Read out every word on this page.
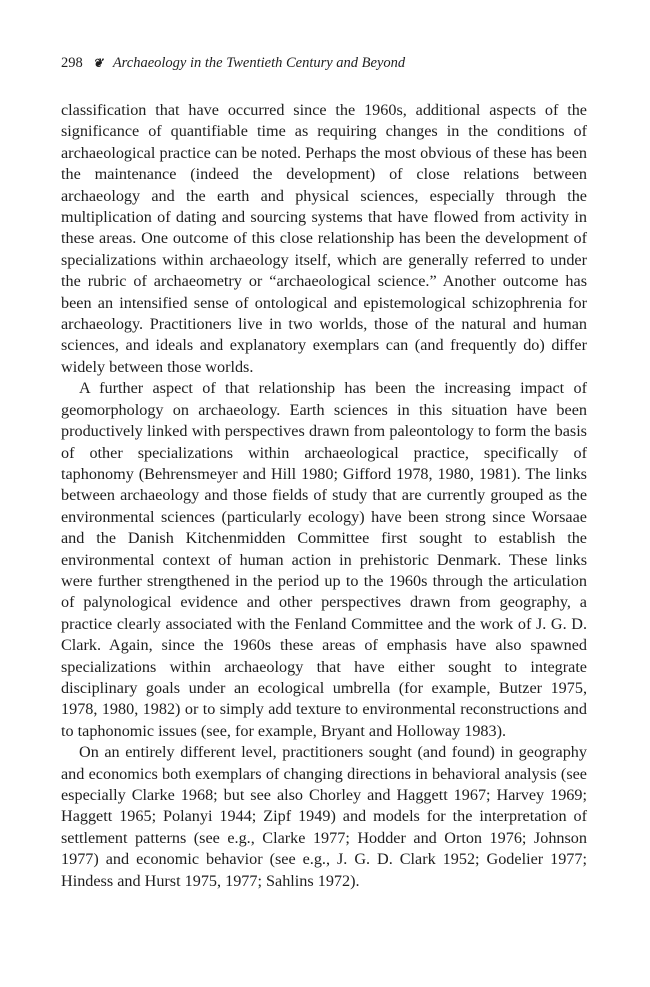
298 ❦ Archaeology in the Twentieth Century and Beyond

classification that have occurred since the 1960s, additional aspects of the significance of quantifiable time as requiring changes in the conditions of archaeological practice can be noted. Perhaps the most obvious of these has been the maintenance (indeed the development) of close relations between archaeology and the earth and physical sciences, especially through the multiplication of dating and sourcing systems that have flowed from activity in these areas. One outcome of this close relationship has been the development of specializations within archaeology itself, which are generally referred to under the rubric of archaeometry or “archaeological science.” Another outcome has been an intensified sense of ontological and epistemological schizophrenia for archaeology. Practitioners live in two worlds, those of the natural and human sciences, and ideals and explanatory exemplars can (and frequently do) differ widely between those worlds.

A further aspect of that relationship has been the increasing impact of geomorphology on archaeology. Earth sciences in this situation have been productively linked with perspectives drawn from paleontology to form the basis of other specializations within archaeological practice, specifically of taphonomy (Behrensmeyer and Hill 1980; Gifford 1978, 1980, 1981). The links between archaeology and those fields of study that are currently grouped as the environmental sciences (particularly ecology) have been strong since Worsaae and the Danish Kitchenmidden Committee first sought to establish the environmental context of human action in prehistoric Denmark. These links were further strengthened in the period up to the 1960s through the articulation of palynological evidence and other perspectives drawn from geography, a practice clearly associated with the Fenland Committee and the work of J. G. D. Clark. Again, since the 1960s these areas of emphasis have also spawned specializations within archaeology that have either sought to integrate disciplinary goals under an ecological umbrella (for example, Butzer 1975, 1978, 1980, 1982) or to simply add texture to environmental reconstructions and to taphonomic issues (see, for example, Bryant and Holloway 1983).

On an entirely different level, practitioners sought (and found) in geography and economics both exemplars of changing directions in behavioral analysis (see especially Clarke 1968; but see also Chorley and Haggett 1967; Harvey 1969; Haggett 1965; Polanyi 1944; Zipf 1949) and models for the interpretation of settlement patterns (see e.g., Clarke 1977; Hodder and Orton 1976; Johnson 1977) and economic behavior (see e.g., J. G. D. Clark 1952; Godelier 1977; Hindess and Hurst 1975, 1977; Sahlins 1972).
